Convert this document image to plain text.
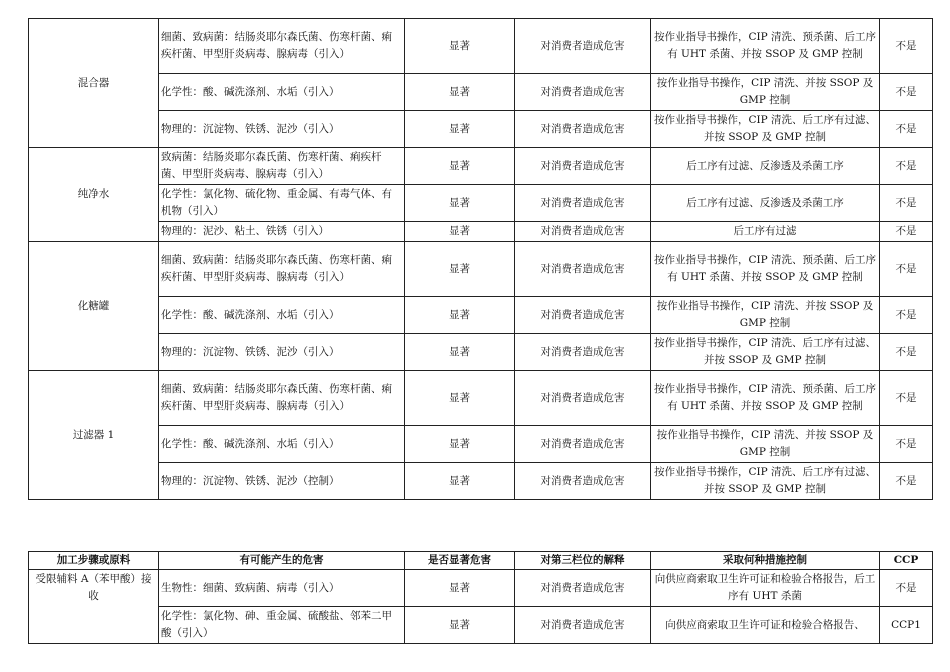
混合器	细菌、致病菌：结肠炎耶尔森氏菌、伤寒杆菌、痢疾杆菌、甲型肝炎病毒、腺病毒（引入）	显著	对消费者造成危害	按作业指导书操作，CIP 清洗、预杀菌、后工序有 UHT 杀菌、并按 SSOP 及 GMP 控制	不是
	化学性：酸、碱洗涤剂、水垢（引入）	显著	对消费者造成危害	按作业指导书操作，CIP 清洗、并按 SSOP 及 GMP 控制	不是
	物理的：沉淀物、铁锈、泥沙（引入）	显著	对消费者造成危害	按作业指导书操作，CIP 清洗、后工序有过滤、并按 SSOP 及 GMP 控制	不是
纯净水	致病菌：结肠炎耶尔森氏菌、伤寒杆菌、痢疾杆菌、甲型肝炎病毒、腺病毒（引入）	显著	对消费者造成危害	后工序有过滤、反渗透及杀菌工序	不是
	化学性：氯化物、硫化物、重金属、有毒气体、有机物（引入）	显著	对消费者造成危害	后工序有过滤、反渗透及杀菌工序	不是
	物理的：泥沙、粘土、铁锈（引入）	显著	对消费者造成危害	后工序有过滤	不是
化糖罐	细菌、致病菌：结肠炎耶尔森氏菌、伤寒杆菌、痢疾杆菌、甲型肝炎病毒、腺病毒（引入）	显著	对消费者造成危害	按作业指导书操作，CIP 清洗、预杀菌、后工序有 UHT 杀菌、并按 SSOP 及 GMP 控制	不是
	化学性：酸、碱洗涤剂、水垢（引入）	显著	对消费者造成危害	按作业指导书操作，CIP 清洗、并按 SSOP 及 GMP 控制	不是
	物理的：沉淀物、铁锈、泥沙（引入）	显著	对消费者造成危害	按作业指导书操作，CIP 清洗、后工序有过滤、并按 SSOP 及 GMP 控制	不是
过滤器 1	细菌、致病菌：结肠炎耶尔森氏菌、伤寒杆菌、痢疾杆菌、甲型肝炎病毒、腺病毒（引入）	显著	对消费者造成危害	按作业指导书操作，CIP 清洗、预杀菌、后工序有 UHT 杀菌、并按 SSOP 及 GMP 控制	不是
	化学性：酸、碱洗涤剂、水垢（引入）	显著	对消费者造成危害	按作业指导书操作，CIP 清洗、并按 SSOP 及 GMP 控制	不是
	物理的：沉淀物、铁锈、泥沙（控制）	显著	对消费者造成危害	按作业指导书操作，CIP 清洗、后工序有过滤、并按 SSOP 及 GMP 控制	不是
加工步骤或原料	有可能产生的危害	是否显著危害	对第三栏位的解释	采取何种措施控制	CCP
受限辅料 A（苯甲酸）接收	生物性：细菌、致病菌、病毒（引入）	显著	对消费者造成危害	向供应商索取卫生许可证和检验合格报告，后工序有 UHT 杀菌	不是
	化学性：氯化物、砷、重金属、硫酸盐、邻苯二甲酸（引入）	显著	对消费者造成危害	向供应商索取卫生许可证和检验合格报告、	CCP1
